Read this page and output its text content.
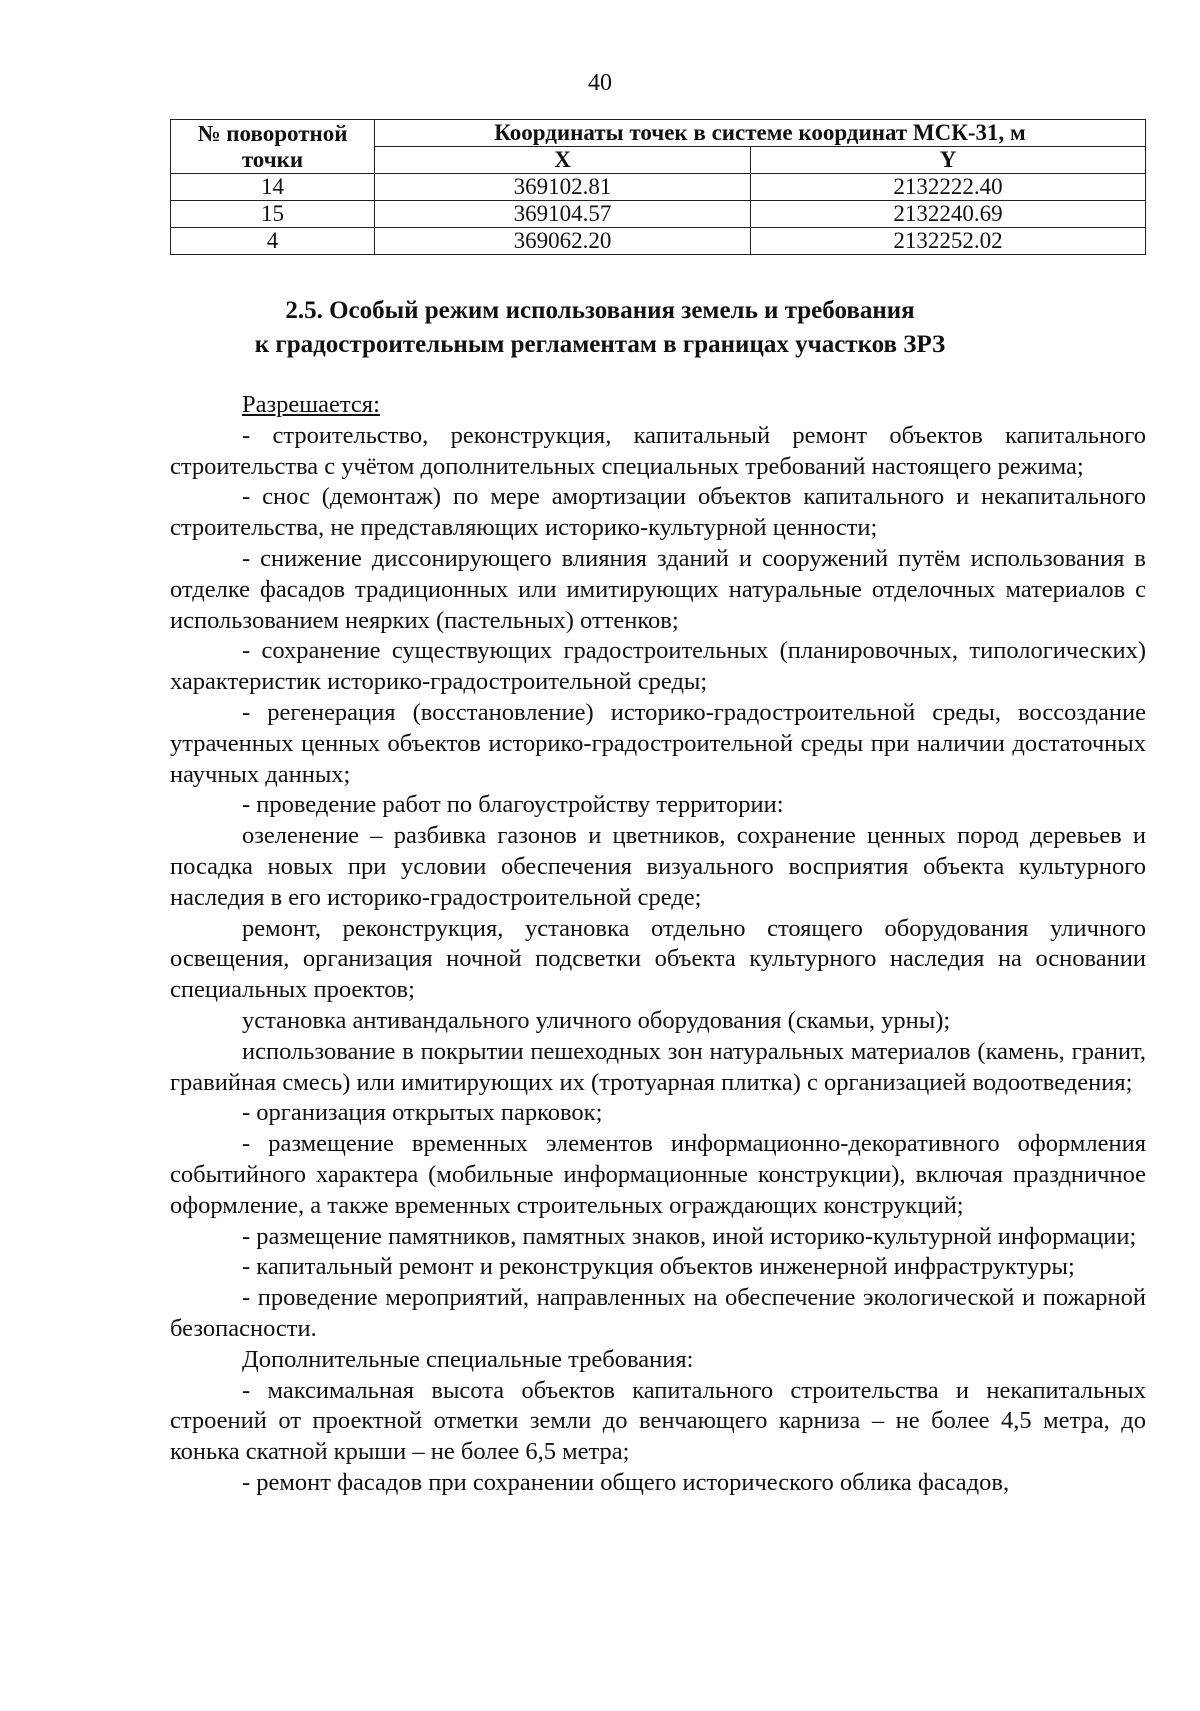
40
№ поворотной точки	Координаты точек в системе координат МСК-31, м	
	X	Y
14	369102.81	2132222.40
15	369104.57	2132240.69
4	369062.20	2132252.02
2.5. Особый режим использования земель и требования
к градостроительным регламентам в границах участков ЗРЗ

Разрешается:

- строительство, реконструкция, капитальный ремонт объектов капитального строительства с учётом дополнительных специальных требований настоящего режима;

- снос (демонтаж) по мере амортизации объектов капитального и некапитального строительства, не представляющих историко-культурной ценности;

- снижение диссонирующего влияния зданий и сооружений путём использования в отделке фасадов традиционных или имитирующих натуральные отделочных материалов с использованием неярких (пастельных) оттенков;

- сохранение существующих градостроительных (планировочных, типологических) характеристик историко-градостроительной среды;

- регенерация (восстановление) историко-градостроительной среды, воссоздание утраченных ценных объектов историко-градостроительной среды при наличии достаточных научных данных;

- проведение работ по благоустройству территории:

озеленение – разбивка газонов и цветников, сохранение ценных пород деревьев и посадка новых при условии обеспечения визуального восприятия объекта культурного наследия в его историко-градостроительной среде;

ремонт, реконструкция, установка отдельно стоящего оборудования уличного освещения, организация ночной подсветки объекта культурного наследия на основании специальных проектов;

установка антивандального уличного оборудования (скамьи, урны);

использование в покрытии пешеходных зон натуральных материалов (камень, гранит, гравийная смесь) или имитирующих их (тротуарная плитка) с организацией водоотведения;

- организация открытых парковок;

- размещение временных элементов информационно-декоративного оформления событийного характера (мобильные информационные конструкции), включая праздничное оформление, а также временных строительных ограждающих конструкций;

- размещение памятников, памятных знаков, иной историко-культурной информации;

- капитальный ремонт и реконструкция объектов инженерной инфраструктуры;

- проведение мероприятий, направленных на обеспечение экологической и пожарной безопасности.

Дополнительные специальные требования:

- максимальная высота объектов капитального строительства и некапитальных строений от проектной отметки земли до венчающего карниза – не более 4,5 метра, до конька скатной крыши – не более 6,5 метра;

- ремонт фасадов при сохранении общего исторического облика фасадов,
